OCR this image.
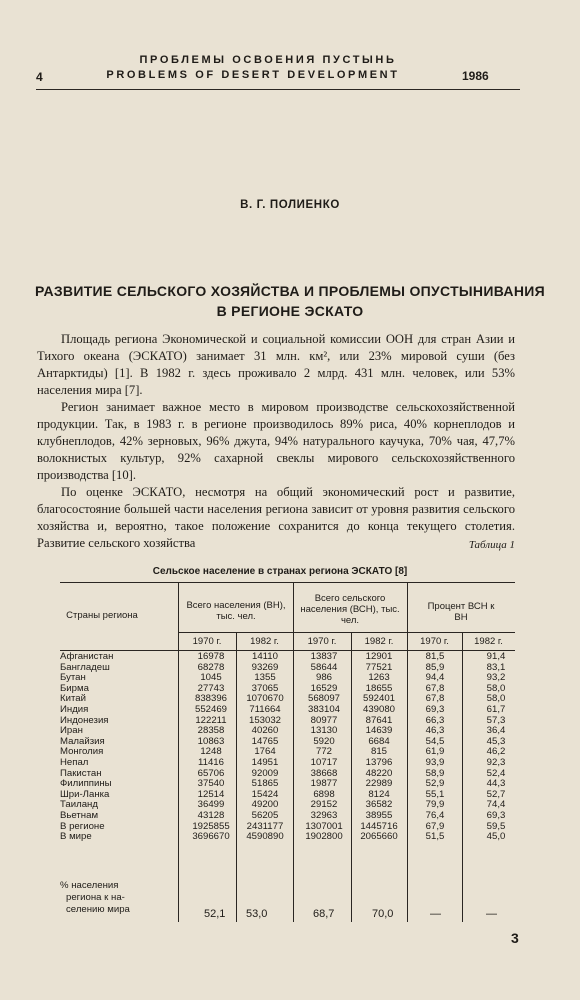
ПРОБЛЕМЫ ОСВОЕНИЯ ПУСТЫНЬ
4	PROBLEMS OF DESERT DEVELOPMENT	1986
В. Г. ПОЛИЕНКО
РАЗВИТИЕ СЕЛЬСКОГО ХОЗЯЙСТВА И ПРОБЛЕМЫ ОПУСТЫНИВАНИЯ В РЕГИОНЕ ЭСКАТО

Площадь региона Экономической и социальной комиссии ООН для стран Азии и Тихого океана (ЭСКАТО) занимает 31 млн. км², или 23% мировой суши (без Антарктиды) [1]. В 1982 г. здесь проживало 2 млрд. 431 млн. человек, или 53% населения мира [7].

Регион занимает важное место в мировом производстве сельскохозяйственной продукции. Так, в 1983 г. в регионе производилось 89% риса, 40% корнеплодов и клубнеплодов, 42% зерновых, 96% джута, 94% натурального каучука, 70% чая, 47,7% волокнистых культур, 92% сахарной свеклы мирового сельскохозяйственного производства [10].

По оценке ЭСКАТО, несмотря на общий экономический рост и развитие, благосостояние большей части населения региона зависит от уровня развития сельского хозяйства и, вероятно, такое положение сохранится до конца текущего столетия. Развитие сельского хозяйства	Таблица 1
Сельское население в странах региона ЭСКАТО [8]
Страны региона
Всего населения (ВН), тыс. чел.
Всего сельского населения (ВСН), тыс. чел.
Процент ВСН к ВН
1970 г.	1982 г.	1970 г.	1982 г.	1970 г.	1982 г.
Афганистан	16978	14110	13837	12901	81,5	91,4
Бангладеш	68278	93269	58644	77521	85,9	83,1
Бутан	1045	1355	986	1263	94,4	93,2
Бирма	27743	37065	16529	18655	67,8	58,0
Китай	838396	1070670	568097	592401	67,8	58,0
Индия	552469	711664	383104	439080	69,3	61,7
Индонезия	122211	153032	80977	87641	66,3	57,3
Иран	28358	40260	13130	14639	46,3	36,4
Малайзия	10863	14765	5920	6684	54,5	45,3
Монголия	1248	1764	772	815	61,9	46,2
Непал	11416	14951	10717	13796	93,9	92,3
Пакистан	65706	92009	38668	48220	58,9	52,4
Филиппины	37540	51865	19877	22989	52,9	44,3
Шри-Ланка	12514	15424	6898	8124	55,1	52,7
Таиланд	36499	49200	29152	36582	79,9	74,4
Вьетнам	43128	56205	32963	38955	76,4	69,3
В регионе	1925855	2431177	1307001	1445716	67,9	59,5
В мире	3696670	4590890	1902800	2065660	51,5	45,0
% населения
региона к на-
селению мира	52,1 53,0	68,7	70,0	—	—
3
